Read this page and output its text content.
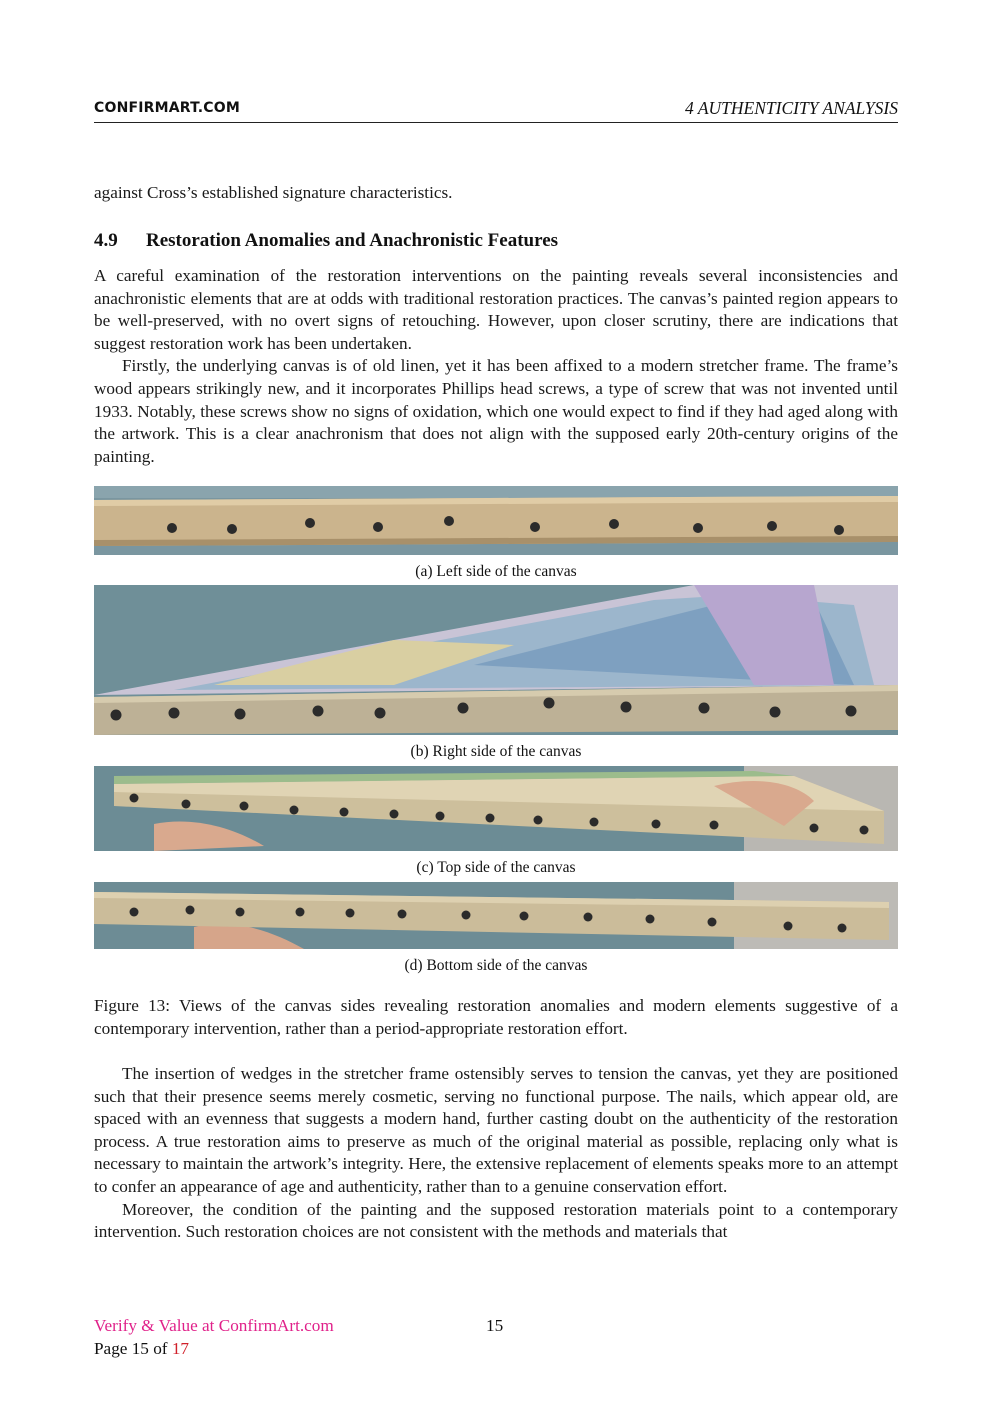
CONFIRMART.COM	4 AUTHENTICITY ANALYSIS

against Cross’s established signature characteristics.

4.9 Restoration Anomalies and Anachronistic Features

A careful examination of the restoration interventions on the painting reveals several inconsistencies and anachronistic elements that are at odds with traditional restoration practices. The canvas’s painted region appears to be well-preserved, with no overt signs of retouching. However, upon closer scrutiny, there are indications that suggest restoration work has been undertaken.

Firstly, the underlying canvas is of old linen, yet it has been affixed to a modern stretcher frame. The frame’s wood appears strikingly new, and it incorporates Phillips head screws, a type of screw that was not invented until 1933. Notably, these screws show no signs of oxidation, which one would expect to find if they had aged along with the artwork. This is a clear anachronism that does not align with the supposed early 20th-century origins of the painting.

(a) Left side of the canvas
(b) Right side of the canvas
(c) Top side of the canvas
(d) Bottom side of the canvas
Figure 13: Views of the canvas sides revealing restoration anomalies and modern elements suggestive of a contemporary intervention, rather than a period-appropriate restoration effort.

The insertion of wedges in the stretcher frame ostensibly serves to tension the canvas, yet they are positioned such that their presence seems merely cosmetic, serving no functional purpose. The nails, which appear old, are spaced with an evenness that suggests a modern hand, further casting doubt on the authenticity of the restoration process. A true restoration aims to preserve as much of the original material as possible, replacing only what is necessary to maintain the artwork’s integrity. Here, the extensive replacement of elements speaks more to an attempt to confer an appearance of age and authenticity, rather than to a genuine conservation effort.

Moreover, the condition of the painting and the supposed restoration materials point to a contemporary intervention. Such restoration choices are not consistent with the methods and materials that

Verify & Value at ConfirmArt.com	15
Page 15 of 17
